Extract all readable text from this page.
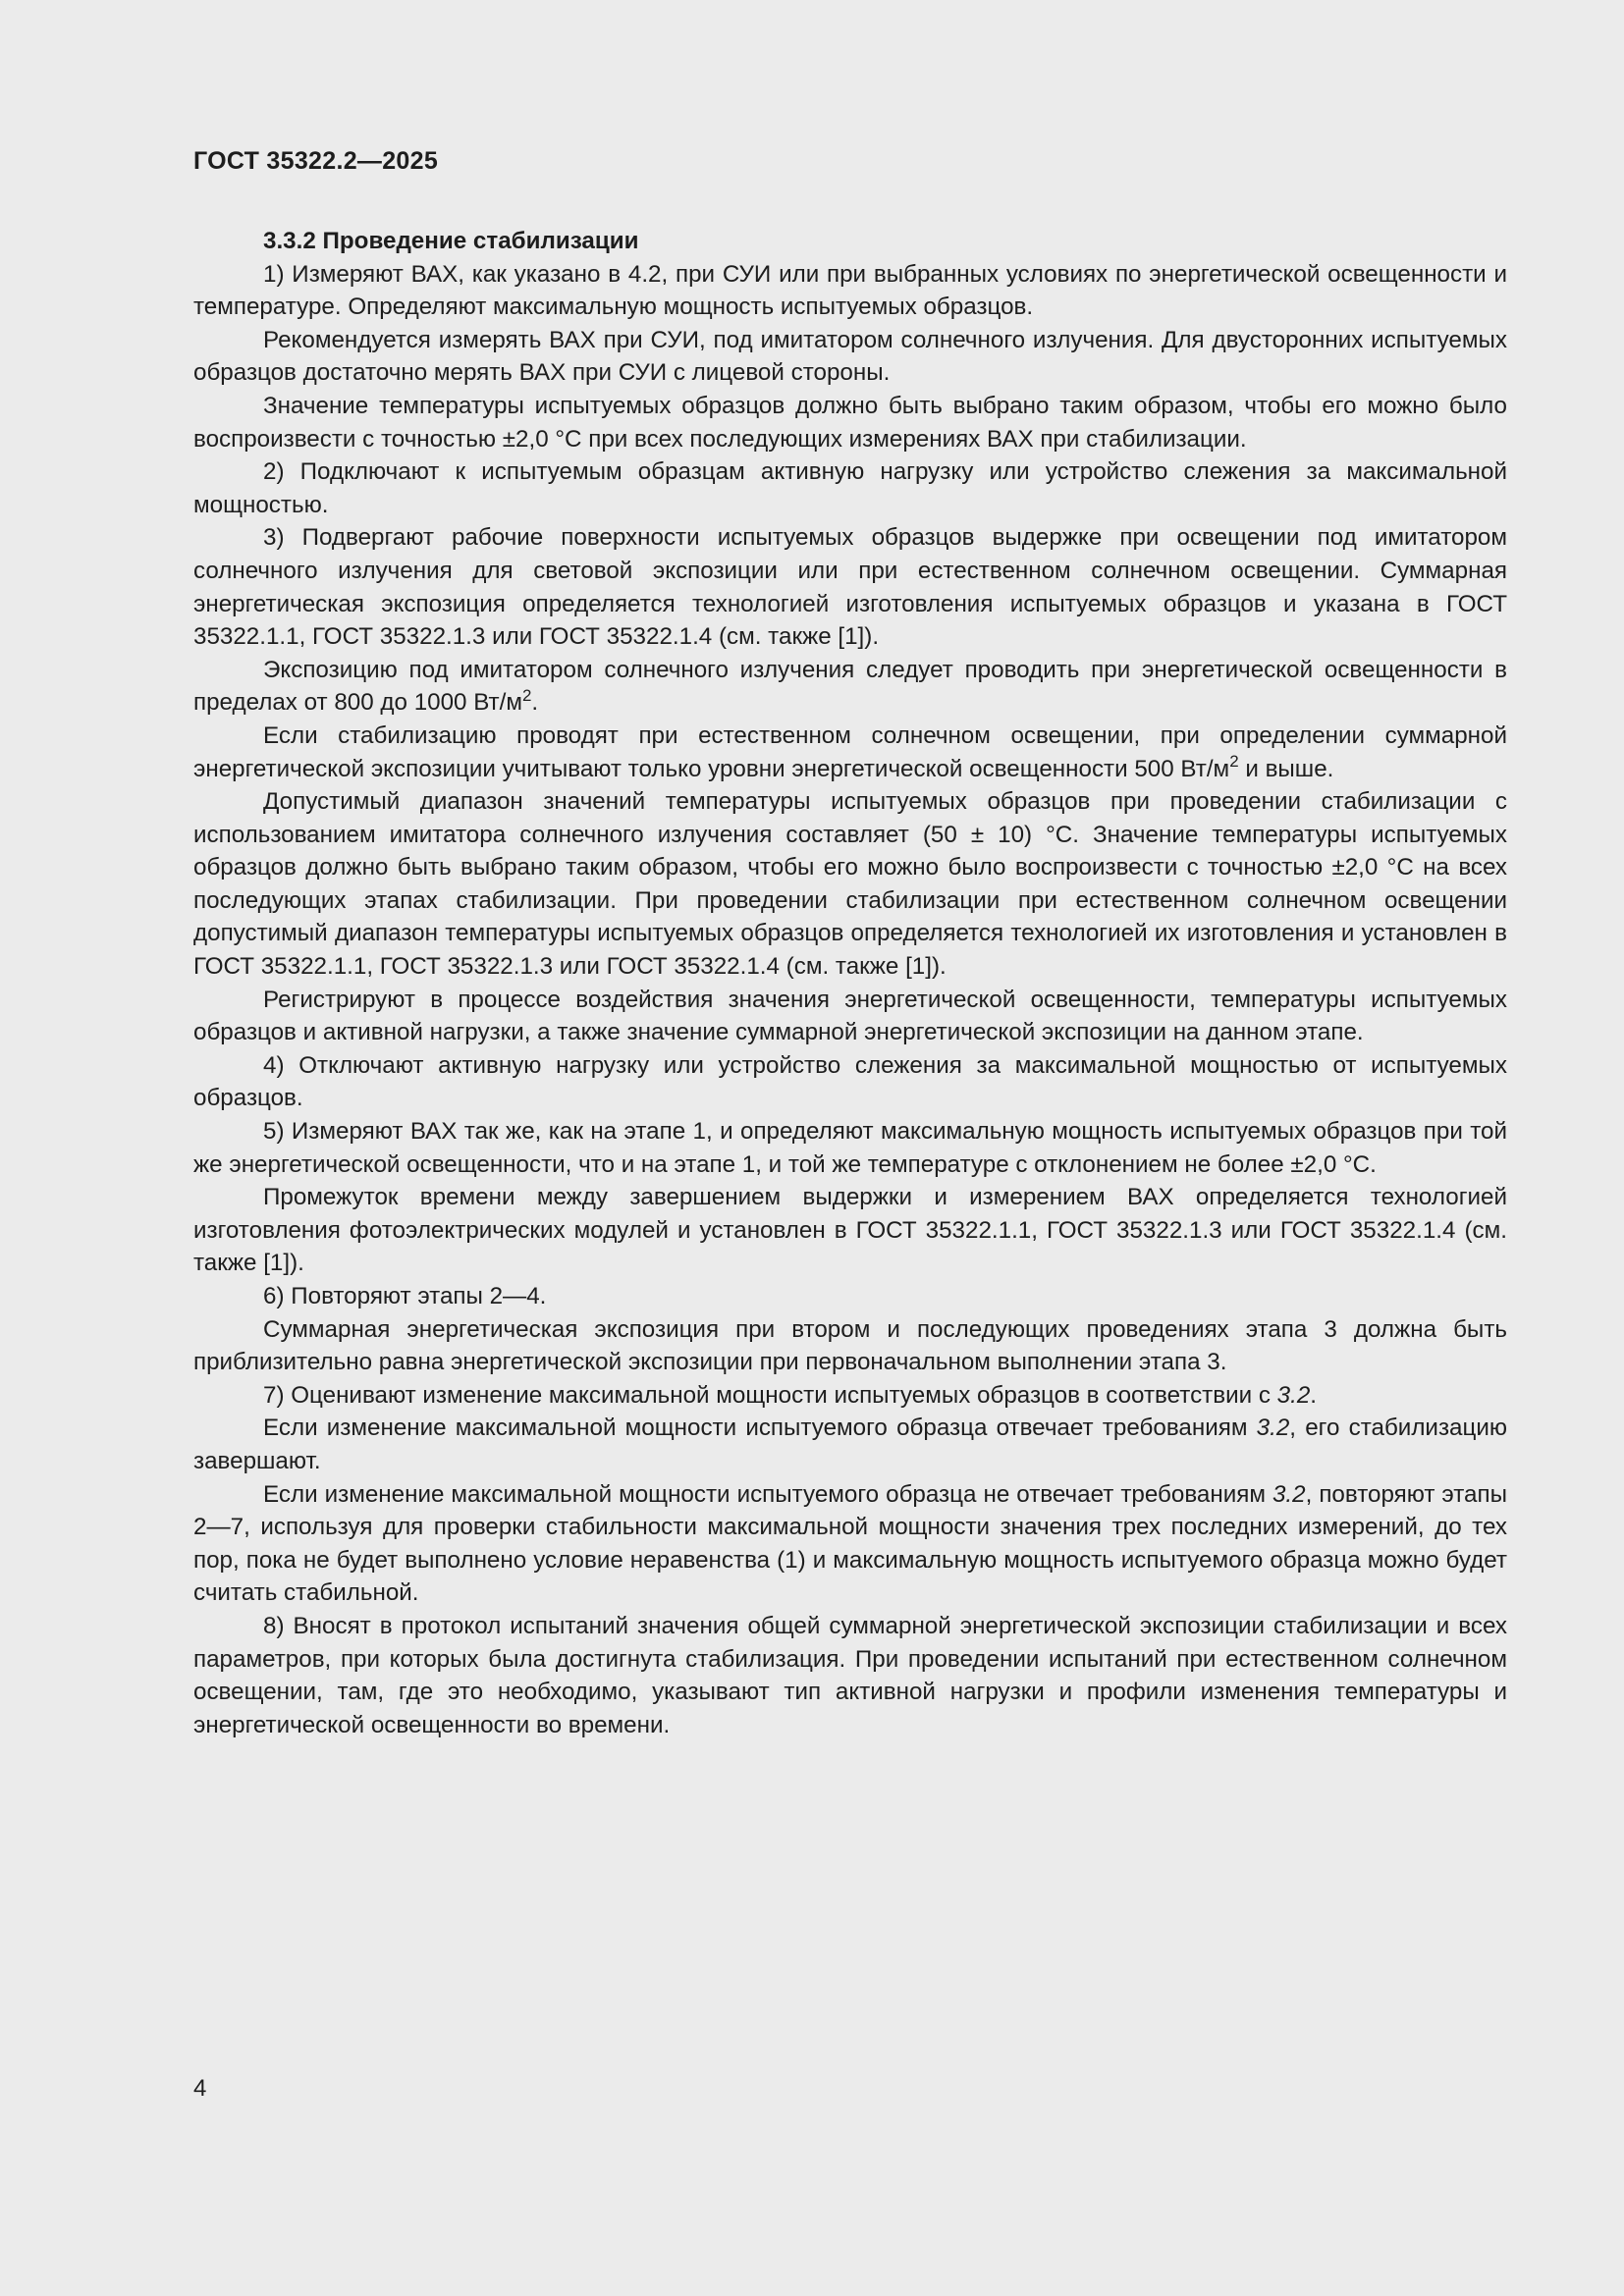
ГОСТ 35322.2—2025

3.3.2 Проведение стабилизации

1) Измеряют ВАХ, как указано в 4.2, при СУИ или при выбранных условиях по энергетической освещенности и температуре. Определяют максимальную мощность испытуемых образцов.

Рекомендуется измерять ВАХ при СУИ, под имитатором солнечного излучения. Для двусторонних испытуемых образцов достаточно мерять ВАХ при СУИ с лицевой стороны.

Значение температуры испытуемых образцов должно быть выбрано таким образом, чтобы его можно было воспроизвести с точностью ±2,0 °С при всех последующих измерениях ВАХ при стабилизации.

2) Подключают к испытуемым образцам активную нагрузку или устройство слежения за максимальной мощностью.

3) Подвергают рабочие поверхности испытуемых образцов выдержке при освещении под имитатором солнечного излучения для световой экспозиции или при естественном солнечном освещении. Суммарная энергетическая экспозиция определяется технологией изготовления испытуемых образцов и указана в ГОСТ 35322.1.1, ГОСТ 35322.1.3 или ГОСТ 35322.1.4 (см. также [1]).

Экспозицию под имитатором солнечного излучения следует проводить при энергетической освещенности в пределах от 800 до 1000 $Вт/м^2$.

Если стабилизацию проводят при естественном солнечном освещении, при определении суммарной энергетической экспозиции учитывают только уровни энергетической освещенности 500 $Вт/м^2$ и выше.

Допустимый диапазон значений температуры испытуемых образцов при проведении стабилизации с использованием имитатора солнечного излучения составляет (50 ± 10) °С. Значение температуры испытуемых образцов должно быть выбрано таким образом, чтобы его можно было воспроизвести с точностью ±2,0 °С на всех последующих этапах стабилизации. При проведении стабилизации при естественном солнечном освещении допустимый диапазон температуры испытуемых образцов определяется технологией их изготовления и установлен в ГОСТ 35322.1.1, ГОСТ 35322.1.3 или ГОСТ 35322.1.4 (см. также [1]).

Регистрируют в процессе воздействия значения энергетической освещенности, температуры испытуемых образцов и активной нагрузки, а также значение суммарной энергетической экспозиции на данном этапе.

4) Отключают активную нагрузку или устройство слежения за максимальной мощностью от испытуемых образцов.

5) Измеряют ВАХ так же, как на этапе 1, и определяют максимальную мощность испытуемых образцов при той же энергетической освещенности, что и на этапе 1, и той же температуре с отклонением не более ±2,0 °С.

Промежуток времени между завершением выдержки и измерением ВАХ определяется технологией изготовления фотоэлектрических модулей и установлен в ГОСТ 35322.1.1, ГОСТ 35322.1.3 или ГОСТ 35322.1.4 (см. также [1]).

6) Повторяют этапы 2—4.

Суммарная энергетическая экспозиция при втором и последующих проведениях этапа 3 должна быть приблизительно равна энергетической экспозиции при первоначальном выполнении этапа 3.

7) Оценивают изменение максимальной мощности испытуемых образцов в соответствии с 3.2.

Если изменение максимальной мощности испытуемого образца отвечает требованиям 3.2, его стабилизацию завершают.

Если изменение максимальной мощности испытуемого образца не отвечает требованиям 3.2, повторяют этапы 2—7, используя для проверки стабильности максимальной мощности значения трех последних измерений, до тех пор, пока не будет выполнено условие неравенства (1) и максимальную мощность испытуемого образца можно будет считать стабильной.

8) Вносят в протокол испытаний значения общей суммарной энергетической экспозиции стабилизации и всех параметров, при которых была достигнута стабилизация. При проведении испытаний при естественном солнечном освещении, там, где это необходимо, указывают тип активной нагрузки и профили изменения температуры и энергетической освещенности во времени.

4
